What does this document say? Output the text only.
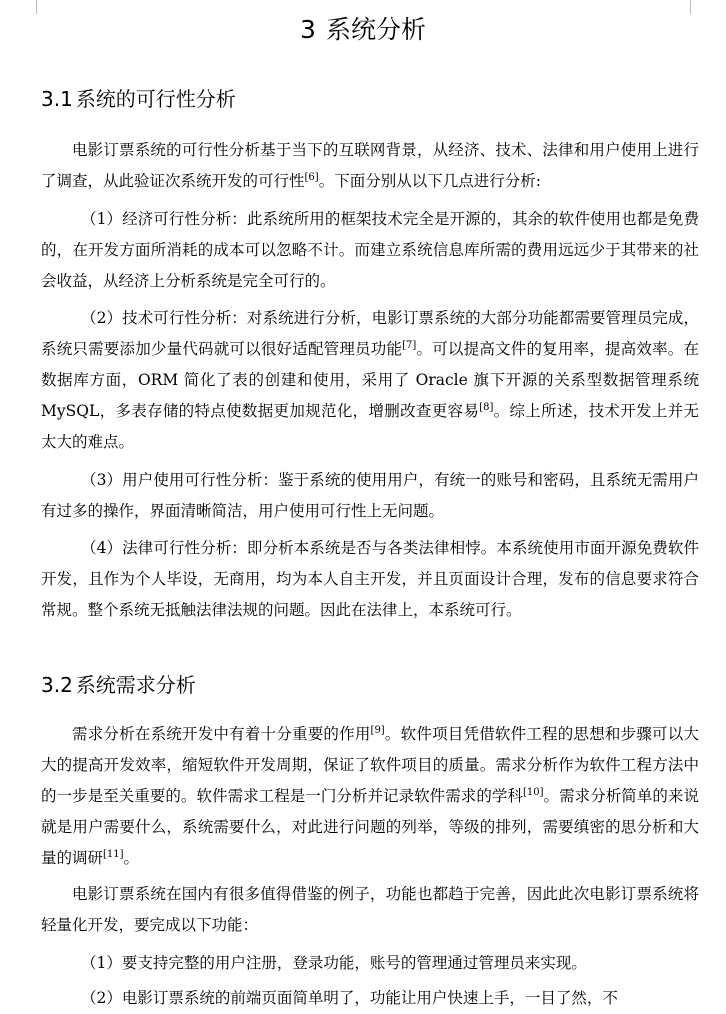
3 系统分析
3.1 系统的可行性分析

电影订票系统的可行性分析基于当下的互联网背景，从经济、技术、法律和用户使用上进行了调查，从此验证次系统开发的可行性[6]。下面分别从以下几点进行分析:

（1）经济可行性分析：此系统所用的框架技术完全是开源的，其余的软件使用也都是免费的，在开发方面所消耗的成本可以忽略不计。而建立系统信息库所需的费用远远少于其带来的社会收益，从经济上分析系统是完全可行的。

（2）技术可行性分析：对系统进行分析，电影订票系统的大部分功能都需要管理员完成，系统只需要添加少量代码就可以很好适配管理员功能[7]。可以提高文件的复用率，提高效率。在数据库方面，ORM 简化了表的创建和使用，采用了 Oracle 旗下开源的关系型数据管理系统 MySQL，多表存储的特点使数据更加规范化，增删改查更容易[8]。综上所述，技术开发上并无太大的难点。

（3）用户使用可行性分析：鉴于系统的使用用户，有统一的账号和密码，且系统无需用户有过多的操作，界面清晰简洁，用户使用可行性上无问题。

（4）法律可行性分析：即分析本系统是否与各类法律相悖。本系统使用市面开源免费软件开发，且作为个人毕设，无商用，均为本人自主开发，并且页面设计合理，发布的信息要求符合常规。整个系统无抵触法律法规的问题。因此在法律上，本系统可行。

3.2 系统需求分析

需求分析在系统开发中有着十分重要的作用[9]。软件项目凭借软件工程的思想和步骤可以大大的提高开发效率，缩短软件开发周期，保证了软件项目的质量。需求分析作为软件工程方法中的一步是至关重要的。软件需求工程是一门分析并记录软件需求的学科[10]。需求分析简单的来说就是用户需要什么，系统需要什么，对此进行问题的列举，等级的排列，需要缜密的思分析和大量的调研[11]。

电影订票系统在国内有很多值得借鉴的例子，功能也都趋于完善，因此此次电影订票系统将轻量化开发，要完成以下功能：

（1）要支持完整的用户注册，登录功能，账号的管理通过管理员来实现。

（2）电影订票系统的前端页面简单明了，功能让用户快速上手，一目了然，不
